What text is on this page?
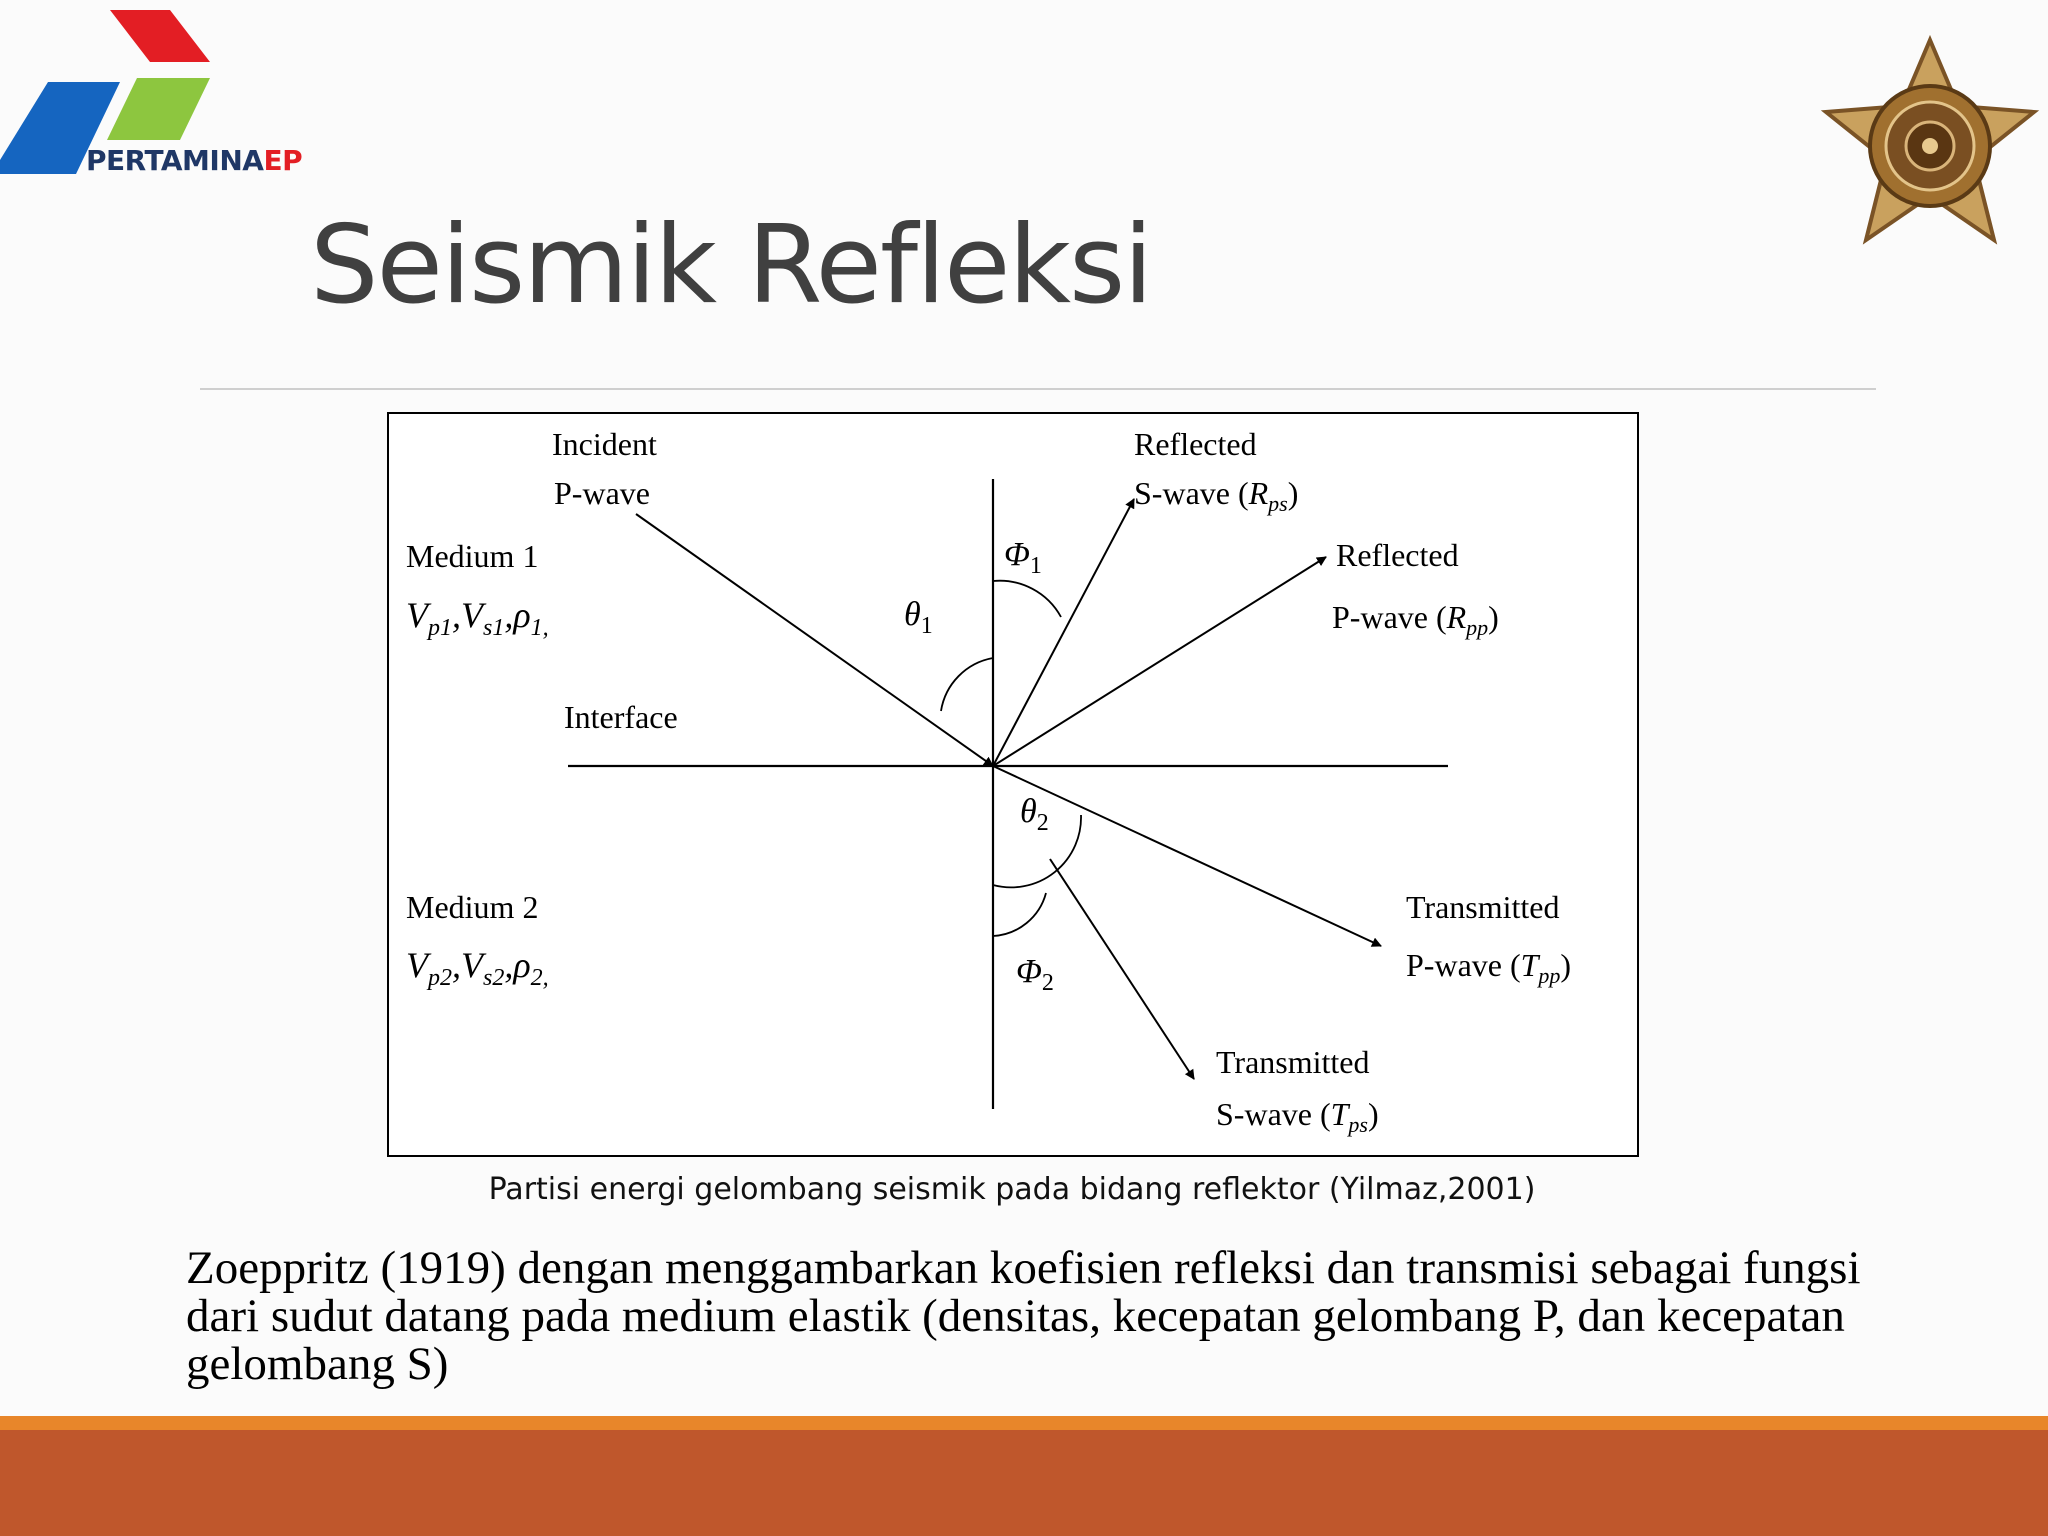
PERTAMINAEP
Seismik Refleksi
Incident
P-wave
Reflected
S-wave $(R_{ps})$
Reflected
P-wave $(R_{pp})$
Transmitted
P-wave $(T_{pp})$
Transmitted
S-wave $(T_{ps})$
Medium 1
$V_{p1},V_{s1},\rho_{1,}$
Medium 2
$V_{p2},V_{s2},\rho_{2,}$
Interface
$\theta_1$
$\Phi_1$
$\theta_2$
$\Phi_2$
Partisi energi gelombang seismik pada bidang reflektor (Yilmaz,2001)

Zoeppritz (1919) dengan menggambarkan koefisien refleksi dan transmisi sebagai fungsi dari sudut datang pada medium elastik (densitas, kecepatan gelombang P, dan kecepatan gelombang S)
